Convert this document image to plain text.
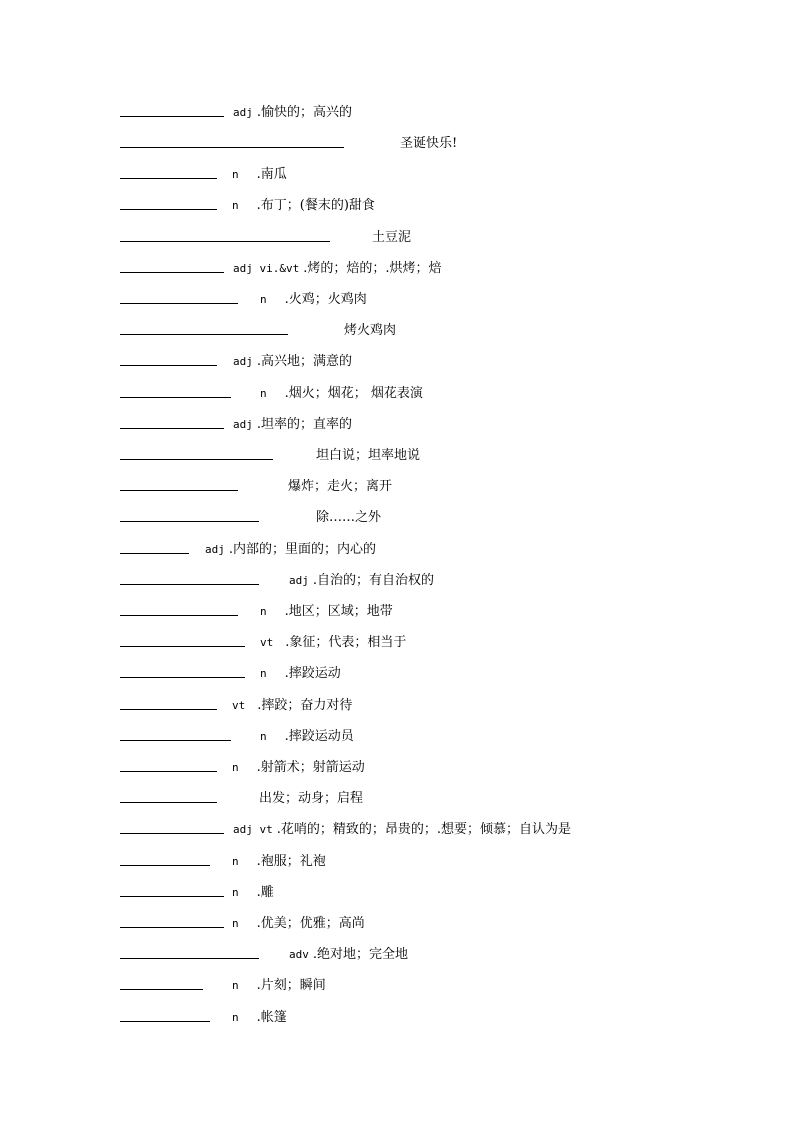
adj .愉快的；高兴的
圣诞快乐!
n .南瓜
n .布丁；(餐末的)甜食
土豆泥
adj vi.&vt .烤的；焙的；.烘烤；焙
n .火鸡；火鸡肉
烤火鸡肉
adj .高兴地；满意的
n .烟火；烟花； 烟花表演
adj .坦率的；直率的
坦白说；坦率地说
爆炸；走火；离开
除……之外
adj .内部的；里面的；内心的
adj .自治的；有自治权的
n .地区；区域；地带
vt .象征；代表；相当于
n .摔跤运动
vt .摔跤；奋力对待
n .摔跤运动员
n .射箭术；射箭运动
出发；动身；启程
adj vt .花哨的；精致的；昂贵的；.想要；倾慕；自认为是
n .袍服；礼袍
n .雕
n .优美；优雅；高尚
adv .绝对地；完全地
n .片刻；瞬间
n .帐篷
